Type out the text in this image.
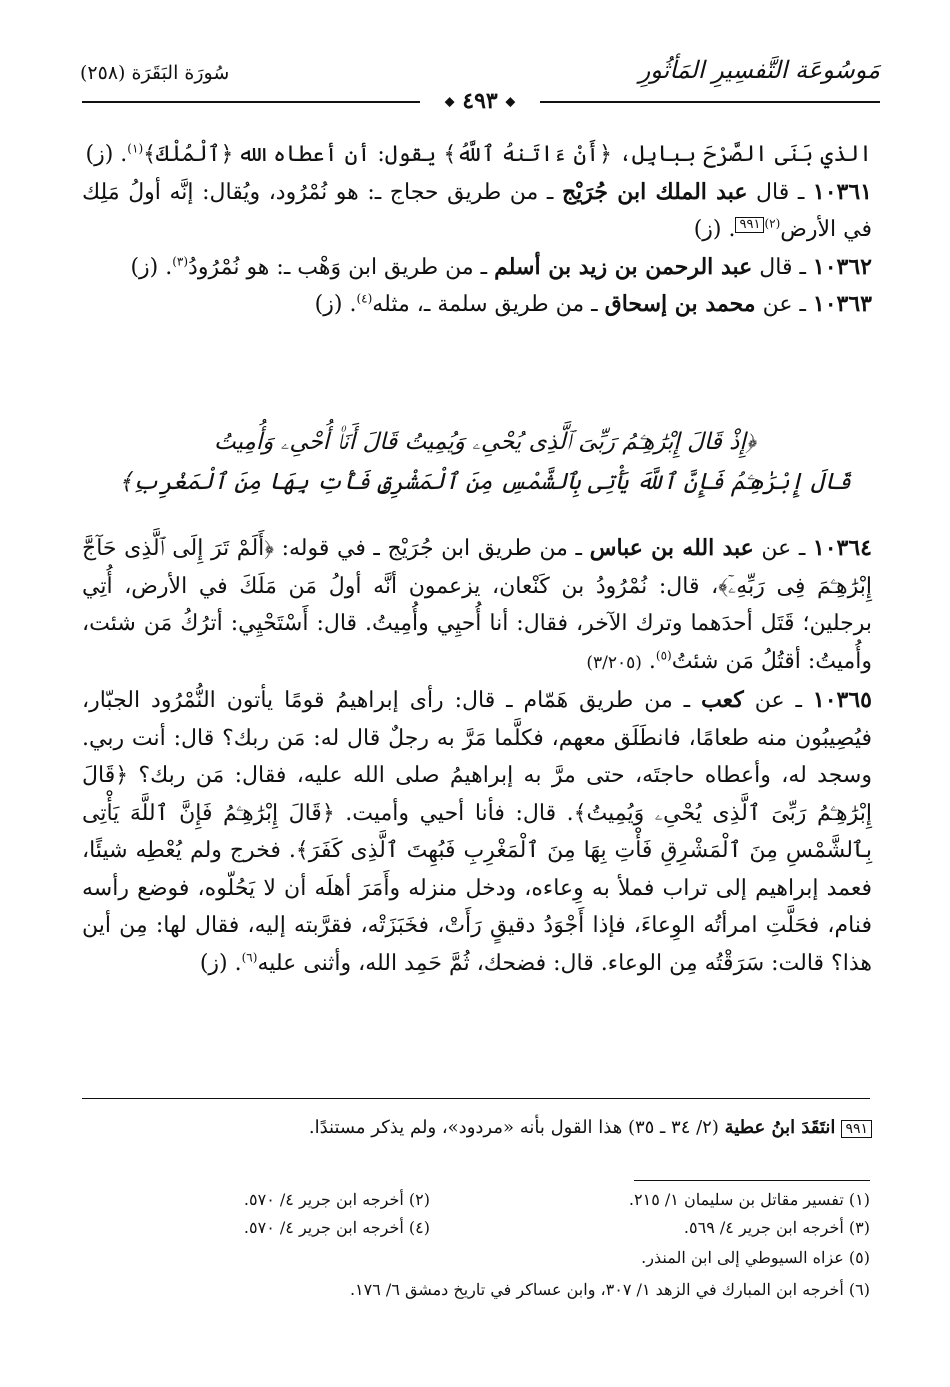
مَوسُوعَة التَّفسِيرِ المَأثُورِ
سُورَة البَقَرَة (٢٥٨)
◆ ٤٩٣ ◆

الذي بَنَى الصَّرْحَ ببابِل، ﴿أَنْ ءَاتَنهُ ٱللَّهُ﴾ يقول: أن أعطاه الله ﴿ٱلْمُلْكَ﴾$^{(١)}$. (ز)

١٠٣٦١ ـ قال عبد الملك ابن جُرَيْج ـ من طريق حجاج ـ: هو نُمْرُود، ويُقال: إنَّه أولُ مَلِك في الأرض$^{(٢)}$٩٩١. (ز)

١٠٣٦٢ ـ قال عبد الرحمن بن زيد بن أسلم ـ من طريق ابن وَهْب ـ: هو نُمْرُودُ$^{(٣)}$. (ز)

١٠٣٦٣ ـ عن محمد بن إسحاق ـ من طريق سلمة ـ، مثله$^{(٤)}$. (ز)

﴿إِذْ قَالَ إِبْرَٰهِـۧمُ رَبِّىَ ٱلَّذِى يُحْىِۦ وَيُمِيتُ قَالَ أَنَا۠ أُحْىِۦ وَأُمِيتُ
قَالَ إِبْرَٰهِـۧمُ فَإِنَّ ٱللَّهَ يَأْتِى بِٱلشَّمْسِ مِنَ ٱلْمَشْرِقِ فَأْتِ بِهَا مِنَ ٱلْمَغْرِبِ﴾

١٠٣٦٤ ـ عن عبد الله بن عباس ـ من طريق ابن جُرَيْج ـ في قوله: ﴿أَلَمْ تَرَ إِلَى ٱلَّذِى حَآجَّ إِبْرَٰهِـۧمَ فِى رَبِّهِۦٓ﴾، قال: نُمْرُودُ بن كَنْعان، يزعمون أنَّه أولُ مَن مَلَكَ في الأرض، أُتِي برجلين؛ قَتَل أحدَهما وترك الآخر، فقال: أنا أُحيِي وأُمِيتُ. قال: أَسْتَحْيِي: أترُكُ مَن شئت، وأُميتُ: أقتُلُ مَن شئتُ$^{(٥)}$. (٣/٢٠٥)

١٠٣٦٥ ـ عن كعب ـ من طريق هَمّام ـ قال: رأى إبراهيمُ قومًا يأتون النُّمْرُود الجبّار، فيُصِيبُون منه طعامًا، فانطَلَق معهم، فكلَّما مَرَّ به رجلٌ قال له: مَن ربك؟ قال: أنت ربي. وسجد له، وأعطاه حاجتَه، حتى مرَّ به إبراهيمُ صلى الله عليه، فقال: مَن ربك؟ ﴿قَالَ إِبْرَٰهِـۧمُ رَبِّىَ ٱلَّذِى يُحْىِۦ وَيُمِيتُ﴾. قال: فأنا أحيي وأميت. ﴿قَالَ إِبْرَٰهِـۧمُ فَإِنَّ ٱللَّهَ يَأْتِى بِٱلشَّمْسِ مِنَ ٱلْمَشْرِقِ فَأْتِ بِهَا مِنَ ٱلْمَغْرِبِ فَبُهِتَ ٱلَّذِى كَفَرَ﴾. فخرج ولم يُعْطِه شيئًا، فعمد إبراهيم إلى تراب فملأ به وِعاءه، ودخل منزله وأَمَرَ أهلَه أن لا يَحُلّوه، فوضع رأسه فنام، فحَلَّتِ امرأتُه الوِعاءَ، فإذا أَجْوَدُ دقيقٍ رَأَتْ، فخَبَزَتْه، فقرَّبته إليه، فقال لها: مِن أين هذا؟ قالت: سَرَقْتُه مِن الوعاء. قال: فضحك، ثُمَّ حَمِد الله، وأثنى عليه$^{(٦)}$. (ز)

٩٩١انتَقَدَ ابنُ عطية (٢/ ٣٤ ـ ٣٥) هذا القول بأنه «مردود»، ولم يذكر مستندًا.
(١) تفسير مقاتل بن سليمان ١/ ٢١٥.
(٢) أخرجه ابن جرير ٤/ ٥٧٠.
(٣) أخرجه ابن جرير ٤/ ٥٦٩.
(٤) أخرجه ابن جرير ٤/ ٥٧٠.
(٥) عزاه السيوطي إلى ابن المنذر.
(٦) أخرجه ابن المبارك في الزهد ١/ ٣٠٧، وابن عساكر في تاريخ دمشق ٦/ ١٧٦.
